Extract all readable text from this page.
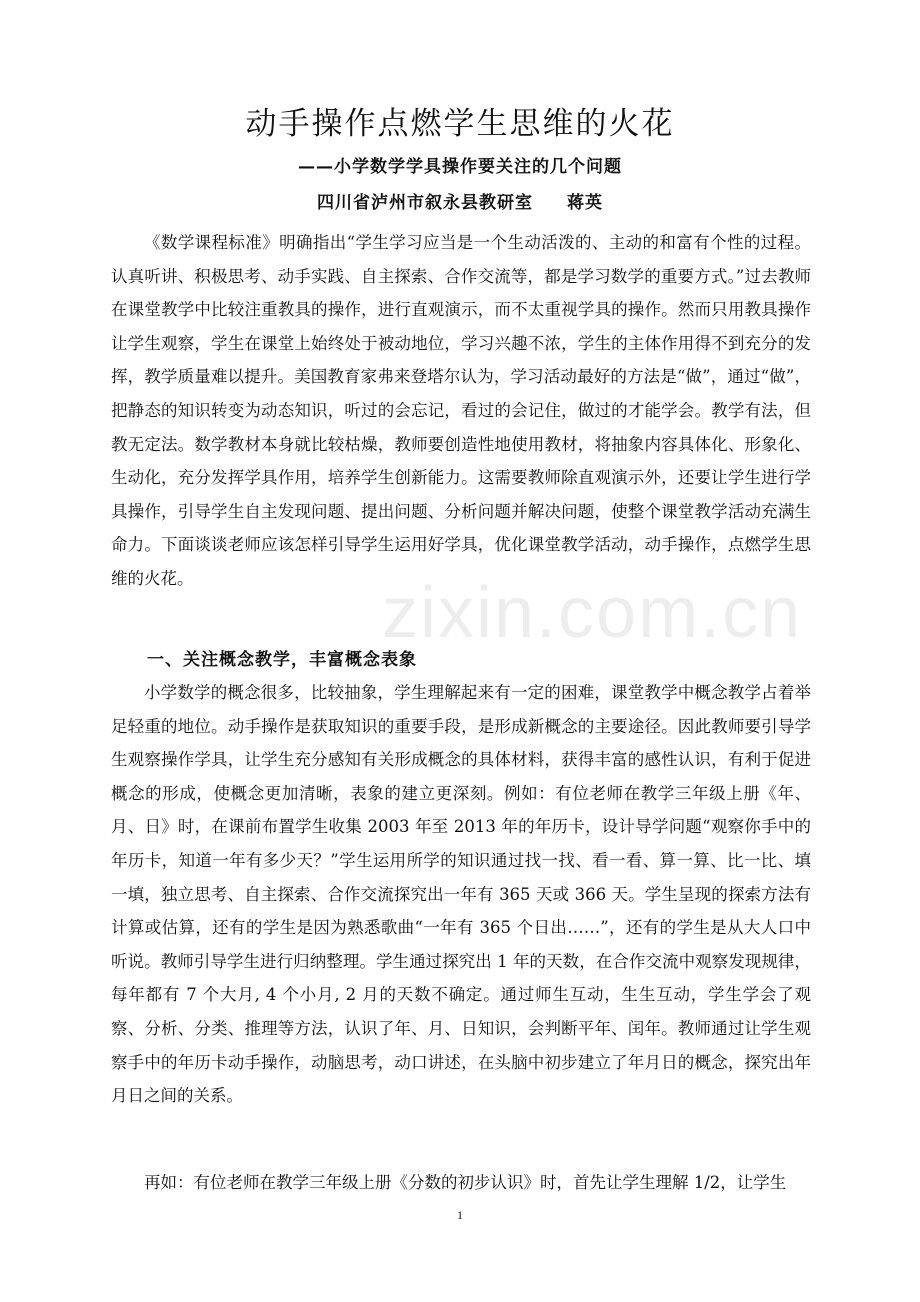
动手操作点燃学生思维的火花
——小学数学学具操作要关注的几个问题
四川省泸州市叙永县教研室 蒋英

《数学课程标准》明确指出“学生学习应当是一个生动活泼的、主动的和富有个性的过程。认真听讲、积极思考、动手实践、自主探索、合作交流等，都是学习数学的重要方式。”过去教师在课堂教学中比较注重教具的操作，进行直观演示，而不太重视学具的操作。然而只用教具操作让学生观察，学生在课堂上始终处于被动地位，学习兴趣不浓，学生的主体作用得不到充分的发挥，教学质量难以提升。美国教育家弗来登塔尔认为，学习活动最好的方法是“做”，通过“做”，把静态的知识转变为动态知识，听过的会忘记，看过的会记住，做过的才能学会。教学有法，但教无定法。数学教材本身就比较枯燥，教师要创造性地使用教材，将抽象内容具体化、形象化、生动化，充分发挥学具作用，培养学生创新能力。这需要教师除直观演示外，还要让学生进行学具操作，引导学生自主发现问题、提出问题、分析问题并解决问题，使整个课堂教学活动充满生命力。下面谈谈老师应该怎样引导学生运用好学具，优化课堂教学活动，动手操作，点燃学生思维的火花。	zixin.com.cn
一、关注概念教学，丰富概念表象

小学数学的概念很多，比较抽象，学生理解起来有一定的困难，课堂教学中概念教学占着举足轻重的地位。动手操作是获取知识的重要手段，是形成新概念的主要途径。因此教师要引导学生观察操作学具，让学生充分感知有关形成概念的具体材料，获得丰富的感性认识，有利于促进概念的形成，使概念更加清晰，表象的建立更深刻。例如：有位老师在教学三年级上册《年、月、日》时，在课前布置学生收集 2003 年至 2013 年的年历卡，设计导学问题“观察你手中的年历卡，知道一年有多少天？”学生运用所学的知识通过找一找、看一看、算一算、比一比、填一填，独立思考、自主探索、合作交流探究出一年有 365 天或 366 天。学生呈现的探索方法有计算或估算，还有的学生是因为熟悉歌曲“一年有 365 个日出……”，还有的学生是从大人口中听说。教师引导学生进行归纳整理。学生通过探究出 1 年的天数，在合作交流中观察发现规律，每年都有 7 个大月, 4 个小月, 2 月的天数不确定。通过师生互动，生生互动，学生学会了观察、分析、分类、推理等方法，认识了年、月、日知识，会判断平年、闰年。教师通过让学生观察手中的年历卡动手操作，动脑思考，动口讲述，在头脑中初步建立了年月日的概念，探究出年月日之间的关系。

再如：有位老师在教学三年级上册《分数的初步认识》时，首先让学生理解 1/2，让学生

1
